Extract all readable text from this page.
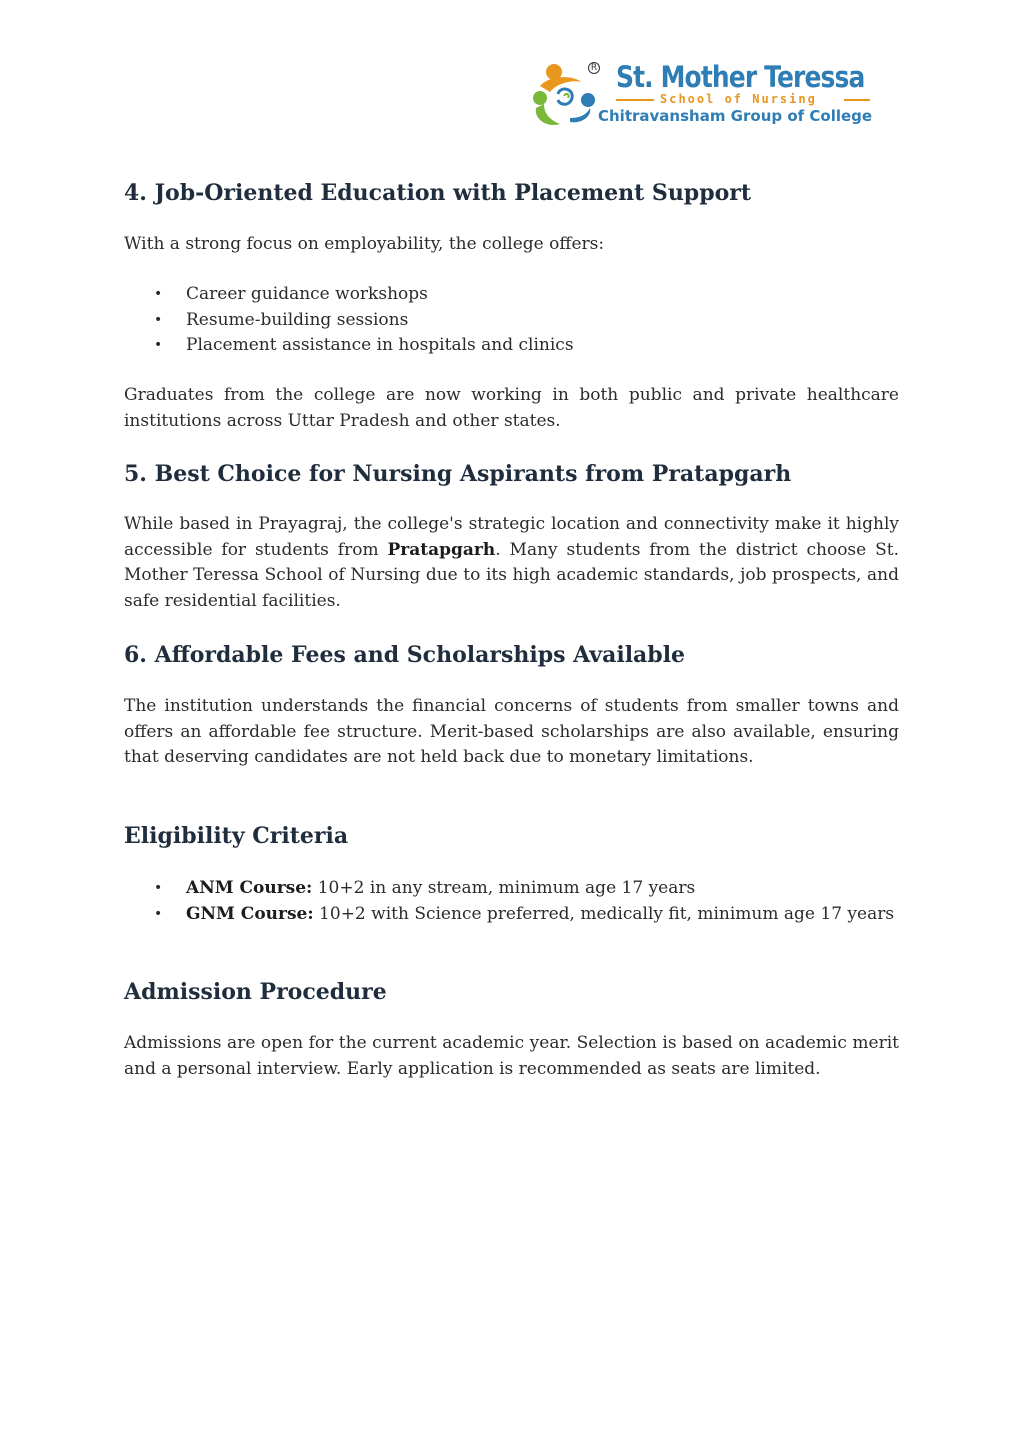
R St. Mother Teressa
School of Nursing
Chitravansham Group of College
4. Job-Oriented Education with Placement Support

With a strong focus on employability, the college offers:

• Career guidance workshops
• Resume-building sessions
• Placement assistance in hospitals and clinics

Graduates from the college are now working in both public and private healthcare institutions across Uttar Pradesh and other states.

5. Best Choice for Nursing Aspirants from Pratapgarh

While based in Prayagraj, the college's strategic location and connectivity make it highly accessible for students from Pratapgarh. Many students from the district choose St. Mother Teressa School of Nursing due to its high academic standards, job prospects, and safe residential facilities.

6. Affordable Fees and Scholarships Available

The institution understands the financial concerns of students from smaller towns and offers an affordable fee structure. Merit-based scholarships are also available, ensuring that deserving candidates are not held back due to monetary limitations.

Eligibility Criteria
• ANM Course: 10+2 in any stream, minimum age 17 years
• GNM Course: 10+2 with Science preferred, medically fit, minimum age 17 years
Admission Procedure

Admissions are open for the current academic year. Selection is based on academic merit and a personal interview. Early application is recommended as seats are limited.
